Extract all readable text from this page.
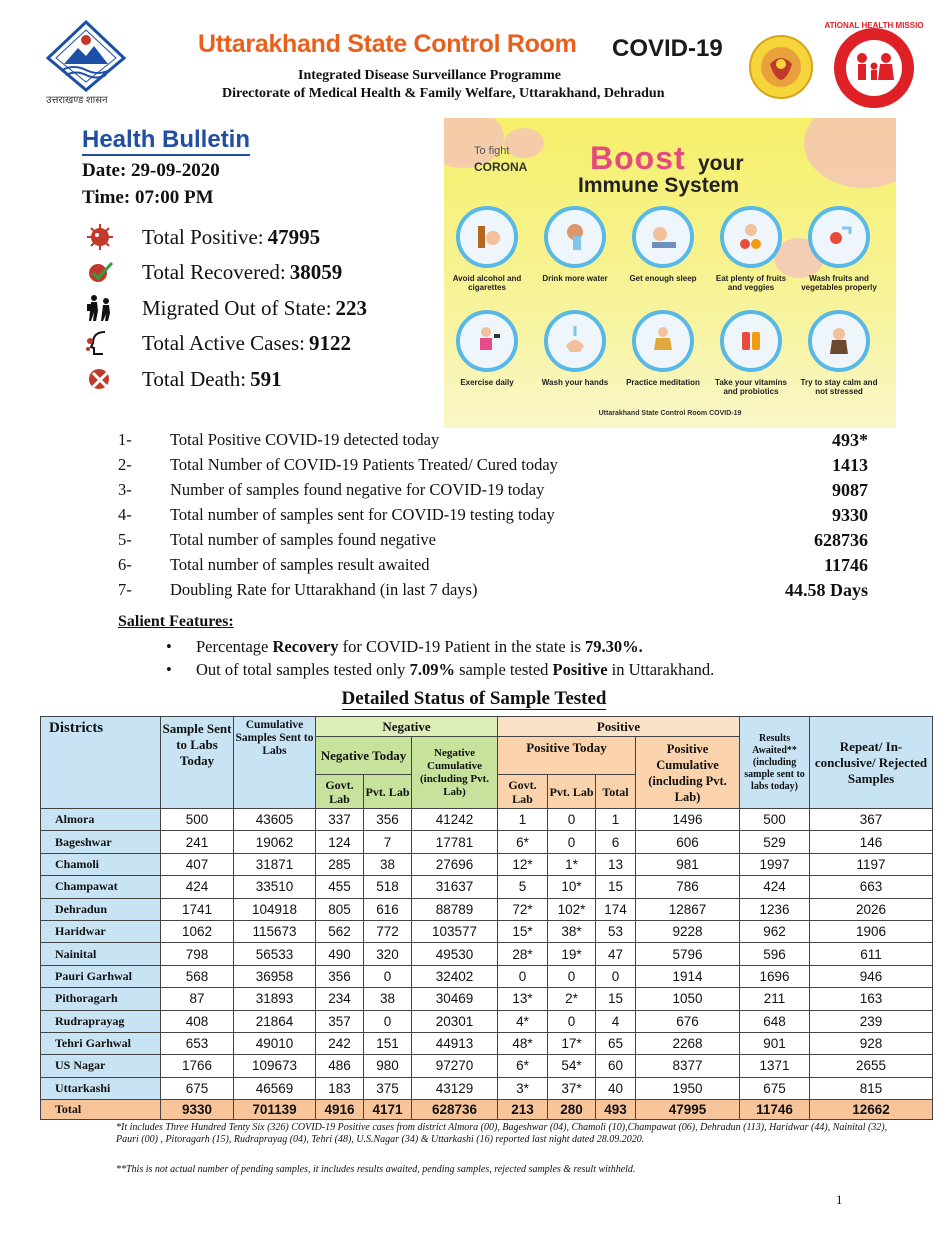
उत्तराखण्ड शासन
Uttarakhand State Control Room COVID-19
Integrated Disease Surveillance Programme
Directorate of Medical Health & Family Welfare, Uttarakhand, Dehradun
NATIONAL HEALTH MISSION
Health Bulletin
Date: 29-09-2020
Time: 07:00 PM
Total Positive: 47995
Total Recovered: 38059
Migrated Out of State: 223
Total Active Cases: 9122
Total Death: 591
To fight
CORONA Boost your
Immune System
Avoid alcohol and cigarettes
Drink more water	Get enough sleep	Eat plenty of fruits and veggies
Wash fruits and vegetables properly
Exercise daily	Wash your hands	Practice meditation	Take your vitamins and probiotics
Try to stay calm and not stressed
Uttarakhand State Control Room COVID-19
1- Total Positive COVID-19 detected today	493*
2- Total Number of COVID-19 Patients Treated/ Cured today	1413
3- Number of samples found negative for COVID-19 today	9087
4- Total number of samples sent for COVID-19 testing today	9330
5- Total number of samples found negative	628736
6- Total number of samples result awaited	11746
7- Doubling Rate for Uttarakhand (in last 7 days)	44.58 Days
Salient Features:
• Percentage Recovery for COVID-19 Patient in the state is 79.30%.
• Out of total samples tested only 7.09% sample tested Positive in Uttarakhand.
Detailed Status of Sample Tested
Districts	Sample Sent to Labs Today	Cumulative Samples Sent to Labs	Negative			Positive				Results Awaited** (including sample sent to labs today)	Repeat/ In-conclusive/ Rejected Samples
			Negative Today		Negative Cumulative (including Pvt. Lab)	Positive Today			Positive Cumulative (including Pvt. Lab)		
			Govt. Lab	Pvt. Lab		Govt. Lab	Pvt. Lab	Total			
Almora	500	43605	337	356	41242	1	0	1	1496	500	367
Bageshwar	241	19062	124	7	17781	6*	0	6	606	529	146
Chamoli	407	31871	285	38	27696	12*	1*	13	981	1997	1197
Champawat	424	33510	455	518	31637	5	10*	15	786	424	663
Dehradun	1741	104918	805	616	88789	72*	102*	174	12867	1236	2026
Haridwar	1062	115673	562	772	103577	15*	38*	53	9228	962	1906
Nainital	798	56533	490	320	49530	28*	19*	47	5796	596	611
Pauri Garhwal	568	36958	356	0	32402	0	0	0	1914	1696	946
Pithoragarh	87	31893	234	38	30469	13*	2*	15	1050	211	163
Rudraprayag	408	21864	357	0	20301	4*	0	4	676	648	239
Tehri Garhwal	653	49010	242	151	44913	48*	17*	65	2268	901	928
US Nagar	1766	109673	486	980	97270	6*	54*	60	8377	1371	2655
Uttarkashi	675	46569	183	375	43129	3*	37*	40	1950	675	815
Total	9330	701139	4916	4171	628736	213	280	493	47995	11746	12662
*It includes Three Hundred Tenty Six (326) COVID-19 Positive cases from district Almora (00), Bageshwar (04), Chamoli (10),Champawat (06), Dehradun (113), Haridwar (44), Nainital (32), Pauri (00) , Pitoragarh (15), Rudraprayag (04), Tehri (48), U.S.Nagar (34) & Uttarkashi (16) reported last night dated 28.09.2020.
**This is not actual number of pending samples, it includes results awaited, pending samples, rejected samples & result withheld.
1
